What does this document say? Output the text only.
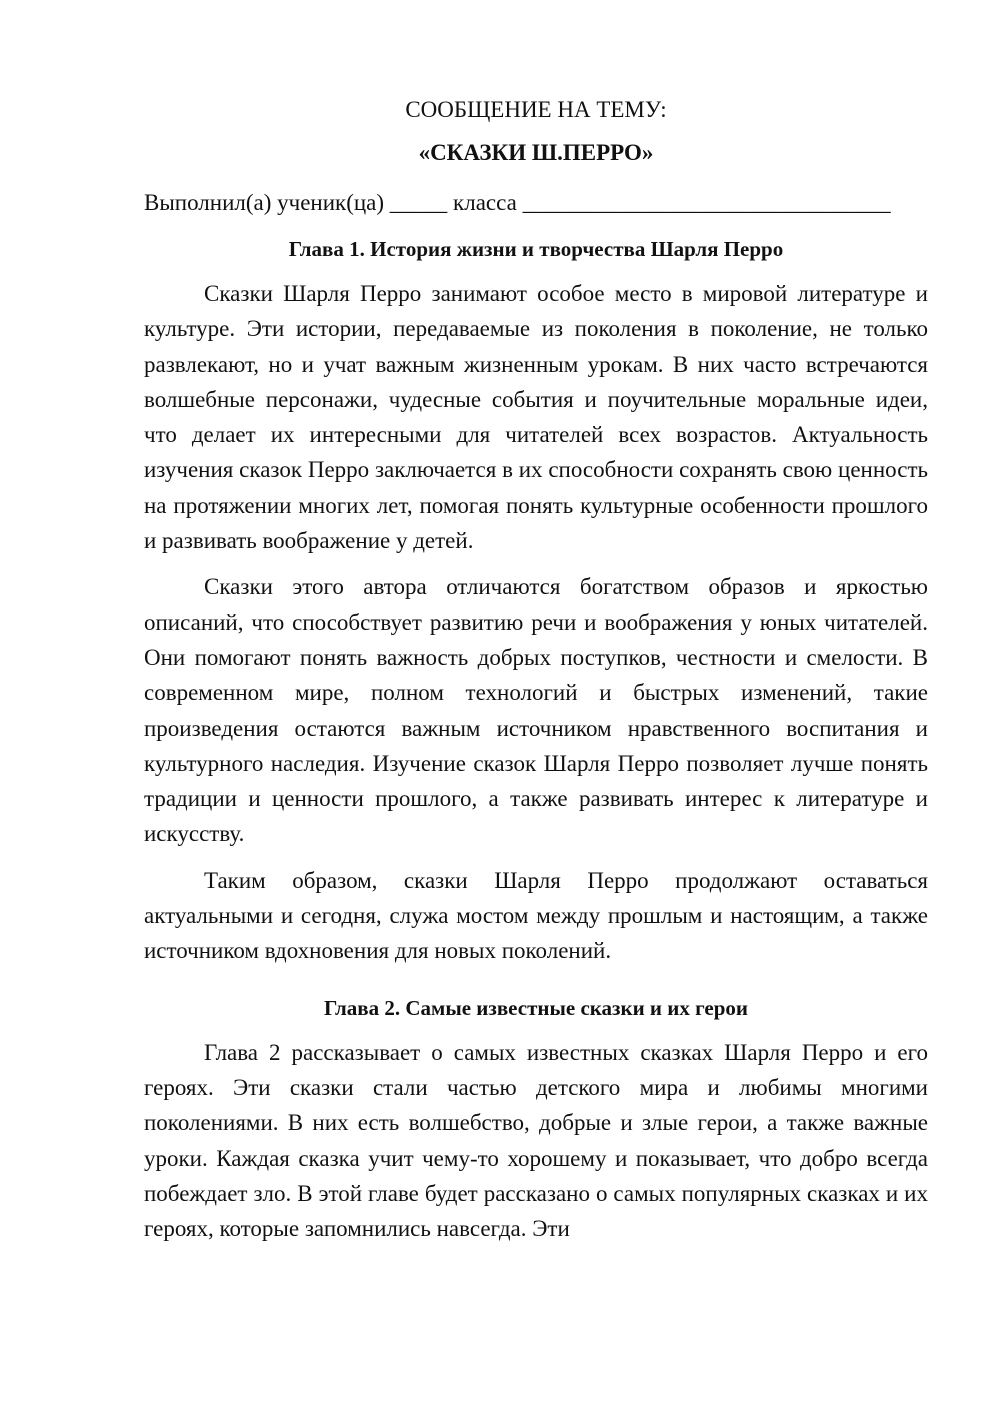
СООБЩЕНИЕ НА ТЕМУ:

«СКАЗКИ Ш.ПЕРРО»

Выполнил(а) ученик(ца) _____ класса ________________________________

Глава 1. История жизни и творчества Шарля Перро

Сказки Шарля Перро занимают особое место в мировой литературе и культуре. Эти истории, передаваемые из поколения в поколение, не только развлекают, но и учат важным жизненным урокам. В них часто встречаются волшебные персонажи, чудесные события и поучительные моральные идеи, что делает их интересными для читателей всех возрастов. Актуальность изучения сказок Перро заключается в их способности сохранять свою ценность на протяжении многих лет, помогая понять культурные особенности прошлого и развивать воображение у детей.

Сказки этого автора отличаются богатством образов и яркостью описаний, что способствует развитию речи и воображения у юных читателей. Они помогают понять важность добрых поступков, честности и смелости. В современном мире, полном технологий и быстрых изменений, такие произведения остаются важным источником нравственного воспитания и культурного наследия. Изучение сказок Шарля Перро позволяет лучше понять традиции и ценности прошлого, а также развивать интерес к литературе и искусству.

Таким образом, сказки Шарля Перро продолжают оставаться актуальными и сегодня, служа мостом между прошлым и настоящим, а также источником вдохновения для новых поколений.

Глава 2. Самые известные сказки и их герои

Глава 2 рассказывает о самых известных сказках Шарля Перро и его героях. Эти сказки стали частью детского мира и любимы многими поколениями. В них есть волшебство, добрые и злые герои, а также важные уроки. Каждая сказка учит чему-то хорошему и показывает, что добро всегда побеждает зло. В этой главе будет рассказано о самых популярных сказках и их героях, которые запомнились навсегда. Эти
